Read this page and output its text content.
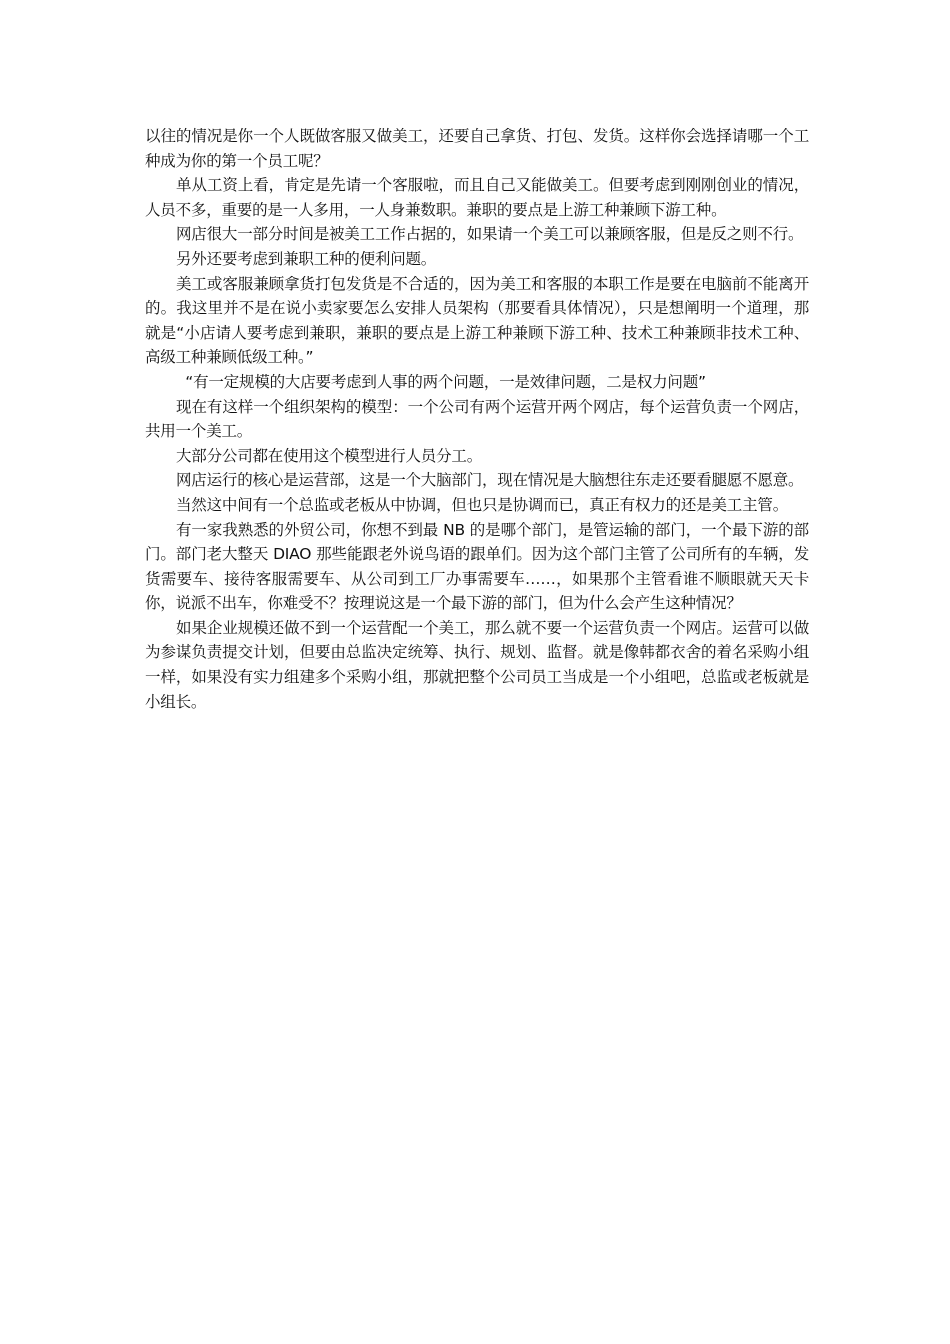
以往的情况是你一个人既做客服又做美工，还要自己拿货、打包、发货。这样你会选择请哪一个工种成为你的第一个员工呢？

单从工资上看，肯定是先请一个客服啦，而且自己又能做美工。但要考虑到刚刚创业的情况，人员不多，重要的是一人多用，一人身兼数职。兼职的要点是上游工种兼顾下游工种。

网店很大一部分时间是被美工工作占据的，如果请一个美工可以兼顾客服，但是反之则不行。

另外还要考虑到兼职工种的便利问题。

美工或客服兼顾拿货打包发货是不合适的，因为美工和客服的本职工作是要在电脑前不能离开的。我这里并不是在说小卖家要怎么安排人员架构（那要看具体情况），只是想阐明一个道理，那就是“小店请人要考虑到兼职，兼职的要点是上游工种兼顾下游工种、技术工种兼顾非技术工种、高级工种兼顾低级工种。”

“有一定规模的大店要考虑到人事的两个问题，一是效律问题，二是权力问题”

现在有这样一个组织架构的模型：一个公司有两个运营开两个网店，每个运营负责一个网店，共用一个美工。

大部分公司都在使用这个模型进行人员分工。

网店运行的核心是运营部，这是一个大脑部门，现在情况是大脑想往东走还要看腿愿不愿意。

当然这中间有一个总监或老板从中协调，但也只是协调而已，真正有权力的还是美工主管。

有一家我熟悉的外贸公司，你想不到最 NB 的是哪个部门，是管运输的部门，一个最下游的部门。部门老大整天 DIAO 那些能跟老外说鸟语的跟单们。因为这个部门主管了公司所有的车辆，发货需要车、接待客服需要车、从公司到工厂办事需要车……，如果那个主管看谁不顺眼就天天卡你，说派不出车，你难受不？按理说这是一个最下游的部门，但为什么会产生这种情况？

如果企业规模还做不到一个运营配一个美工，那么就不要一个运营负责一个网店。运营可以做为参谋负责提交计划，但要由总监决定统筹、执行、规划、监督。就是像韩都衣舍的着名采购小组一样，如果没有实力组建多个采购小组，那就把整个公司员工当成是一个小组吧，总监或老板就是小组长。
